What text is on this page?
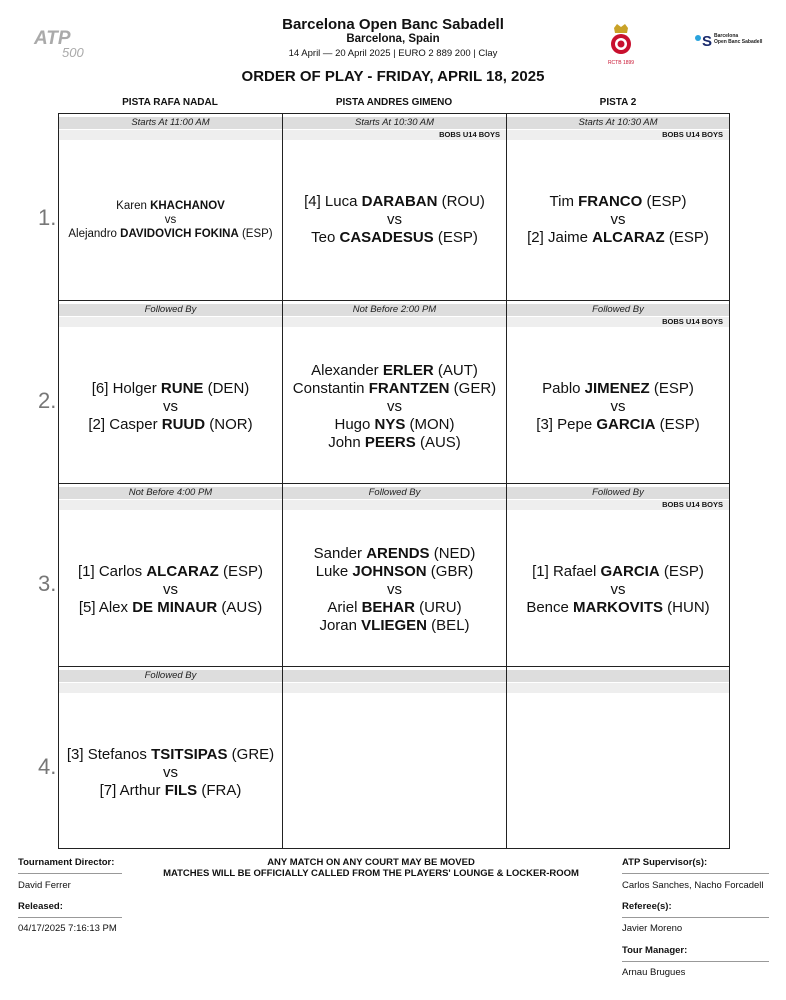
ATP
500
Barcelona Open Banc Sabadell
Barcelona, Spain
14 April — 20 April 2025 | EURO 2 889 200 | Clay
ORDER OF PLAY - FRIDAY, APRIL 18, 2025
RCTB 1899
S Barcelona
Open Banc Sabadell
PISTA RAFA NADAL	PISTA ANDRES GIMENO	PISTA 2
Starts At 11:00 AM
Karen KHACHANOV
vs
Alejandro DAVIDOVICH FOKINA (ESP)
Starts At 10:30 AM
BOBS U14 BOYS
[4] Luca DARABAN (ROU)
vs
Teo CASADESUS (ESP)
Starts At 10:30 AM
BOBS U14 BOYS
Tim FRANCO (ESP)
vs
[2] Jaime ALCARAZ (ESP)
Followed By
[6] Holger RUNE (DEN)
vs
[2] Casper RUUD (NOR)
Not Before 2:00 PM
Alexander ERLER (AUT)
Constantin FRANTZEN (GER)
vs
Hugo NYS (MON)
John PEERS (AUS)
Followed By
BOBS U14 BOYS
Pablo JIMENEZ (ESP)
vs
[3] Pepe GARCIA (ESP)
Not Before 4:00 PM
[1] Carlos ALCARAZ (ESP)
vs
[5] Alex DE MINAUR (AUS)
Followed By
Sander ARENDS (NED)
Luke JOHNSON (GBR)
vs
Ariel BEHAR (URU)
Joran VLIEGEN (BEL)
Followed By
BOBS U14 BOYS
[1] Rafael GARCIA (ESP)
vs
Bence MARKOVITS (HUN)
Followed By
[3] Stefanos TSITSIPAS (GRE)
vs
[7] Arthur FILS (FRA)
1.
2.
3.
4.
Tournament Director:
David Ferrer
Released:
04/17/2025 7:16:13 PM
ANY MATCH ON ANY COURT MAY BE MOVED
MATCHES WILL BE OFFICIALLY CALLED FROM THE PLAYERS' LOUNGE & LOCKER-ROOM
ATP Supervisor(s):
Carlos Sanches, Nacho Forcadell
Referee(s):
Javier Moreno
Tour Manager:
Arnau Brugues
